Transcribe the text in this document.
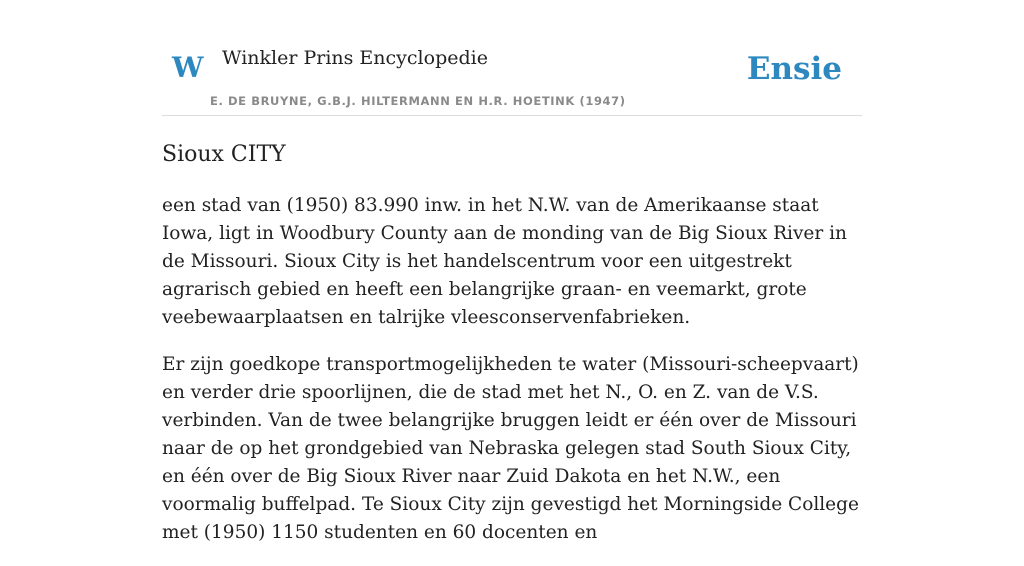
W Winkler Prins Encyclopedie	Ensie
E. DE BRUYNE, G.B.J. HILTERMANN EN H.R. HOETINK (1947)
Sioux CITY

een stad van (1950) 83.990 inw. in het N.W. van de Amerikaanse staat Iowa, ligt in Woodbury County aan de monding van de Big Sioux River in de Missouri. Sioux City is het handelscentrum voor een uitgestrekt agrarisch gebied en heeft een belangrijke graan- en veemarkt, grote veebewaarplaatsen en talrijke vleesconservenfabrieken.

Er zijn goedkope transportmogelijkheden te water (Missouri-scheepvaart) en verder drie spoorlijnen, die de stad met het N., O. en Z. van de V.S. verbinden. Van de twee belangrijke bruggen leidt er één over de Missouri naar de op het grondgebied van Nebraska gelegen stad South Sioux City, en één over de Big Sioux River naar Zuid Dakota en het N.W., een voormalig buffelpad. Te Sioux City zijn gevestigd het Morningside College met (1950) 1150 studenten en 60 docenten en
